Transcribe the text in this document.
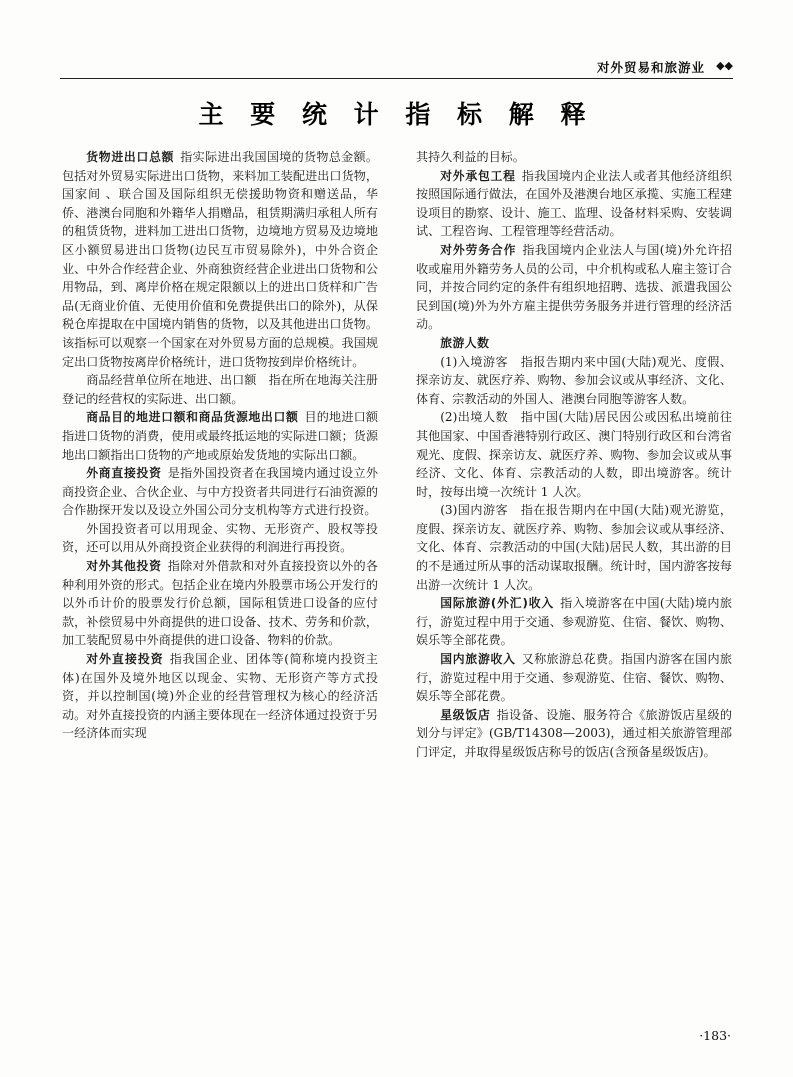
对外贸易和旅游业 ◆◆
主 要 统 计 指 标 解 释

货物进出口总额 指实际进出我国国境的货物总金额。包括对外贸易实际进出口货物，来料加工装配进出口货物，国家间 、联合国及国际组织无偿援助物资和赠送品，华侨、港澳台同胞和外籍华人捐赠品，租赁期满归承租人所有的租赁货物，进料加工进出口货物，边境地方贸易及边境地区小额贸易进出口货物(边民互市贸易除外)，中外合资企业、中外合作经营企业、外商独资经营企业进出口货物和公用物品，到、离岸价格在规定限额以上的进出口货样和广告品(无商业价值、无使用价值和免费提供出口的除外)，从保税仓库提取在中国境内销售的货物，以及其他进出口货物。该指标可以观察一个国家在对外贸易方面的总规模。我国规定出口货物按离岸价格统计，进口货物按到岸价格统计。

商品经营单位所在地进、出口额　指在所在地海关注册登记的经营权的实际进、出口额。

商品目的地进口额和商品货源地出口额 目的地进口额指进口货物的消费，使用或最终抵运地的实际进口额；货源地出口额指出口货物的产地或原始发货地的实际出口额。

外商直接投资 是指外国投资者在我国境内通过设立外商投资企业、合伙企业、与中方投资者共同进行石油资源的合作勘探开发以及设立外国公司分支机构等方式进行投资。

外国投资者可以用现金、实物、无形资产、股权等投资，还可以用从外商投资企业获得的利润进行再投资。

对外其他投资 指除对外借款和对外直接投资以外的各种利用外资的形式。包括企业在境内外股票市场公开发行的以外币计价的股票发行价总额，国际租赁进口设备的应付款，补偿贸易中外商提供的进口设备、技术、劳务和价款，加工装配贸易中外商提供的进口设备、物料的价款。

对外直接投资 指我国企业、团体等(简称境内投资主体)在国外及境外地区以现金、实物、无形资产等方式投资，并以控制国(境)外企业的经营管理权为核心的经济活动。对外直接投资的内涵主要体现在一经济体通过投资于另一经济体而实现

其持久利益的目标。

对外承包工程 指我国境内企业法人或者其他经济组织按照国际通行做法，在国外及港澳台地区承揽、实施工程建设项目的勘察、设计、施工、监理、设备材料采购、安装调试、工程咨询、工程管理等经营活动。

对外劳务合作 指我国境内企业法人与国(境)外允许招收或雇用外籍劳务人员的公司，中介机构或私人雇主签订合同，并按合同约定的条件有组织地招聘、选拔、派遣我国公民到国(境)外为外方雇主提供劳务服务并进行管理的经济活动。

旅游人数

(1)入境游客　指报告期内来中国(大陆)观光、度假、探亲访友、就医疗养、购物、参加会议或从事经济、文化、体育、宗教活动的外国人、港澳台同胞等游客人数。

(2)出境人数　指中国(大陆)居民因公或因私出境前往其他国家、中国香港特别行政区、澳门特别行政区和台湾省观光、度假、探亲访友、就医疗养、购物、参加会议或从事经济、文化、体育、宗教活动的人数，即出境游客。统计时，按每出境一次统计 1 人次。

(3)国内游客　指在报告期内在中国(大陆)观光游览，度假、探亲访友、就医疗养、购物、参加会议或从事经济、文化、体育、宗教活动的中国(大陆)居民人数，其出游的目的不是通过所从事的活动谋取报酬。统计时，国内游客按每出游一次统计 1 人次。

国际旅游(外汇)收入 指入境游客在中国(大陆)境内旅行，游览过程中用于交通、参观游览、住宿、餐饮、购物、娱乐等全部花费。

国内旅游收入 又称旅游总花费。指国内游客在国内旅行，游览过程中用于交通、参观游览、住宿、餐饮、购物、娱乐等全部花费。

星级饭店 指设备、设施、服务符合《旅游饭店星级的划分与评定》(GB/T14308—2003)，通过相关旅游管理部门评定，并取得星级饭店称号的饭店(含预备星级饭店)。

·183·
